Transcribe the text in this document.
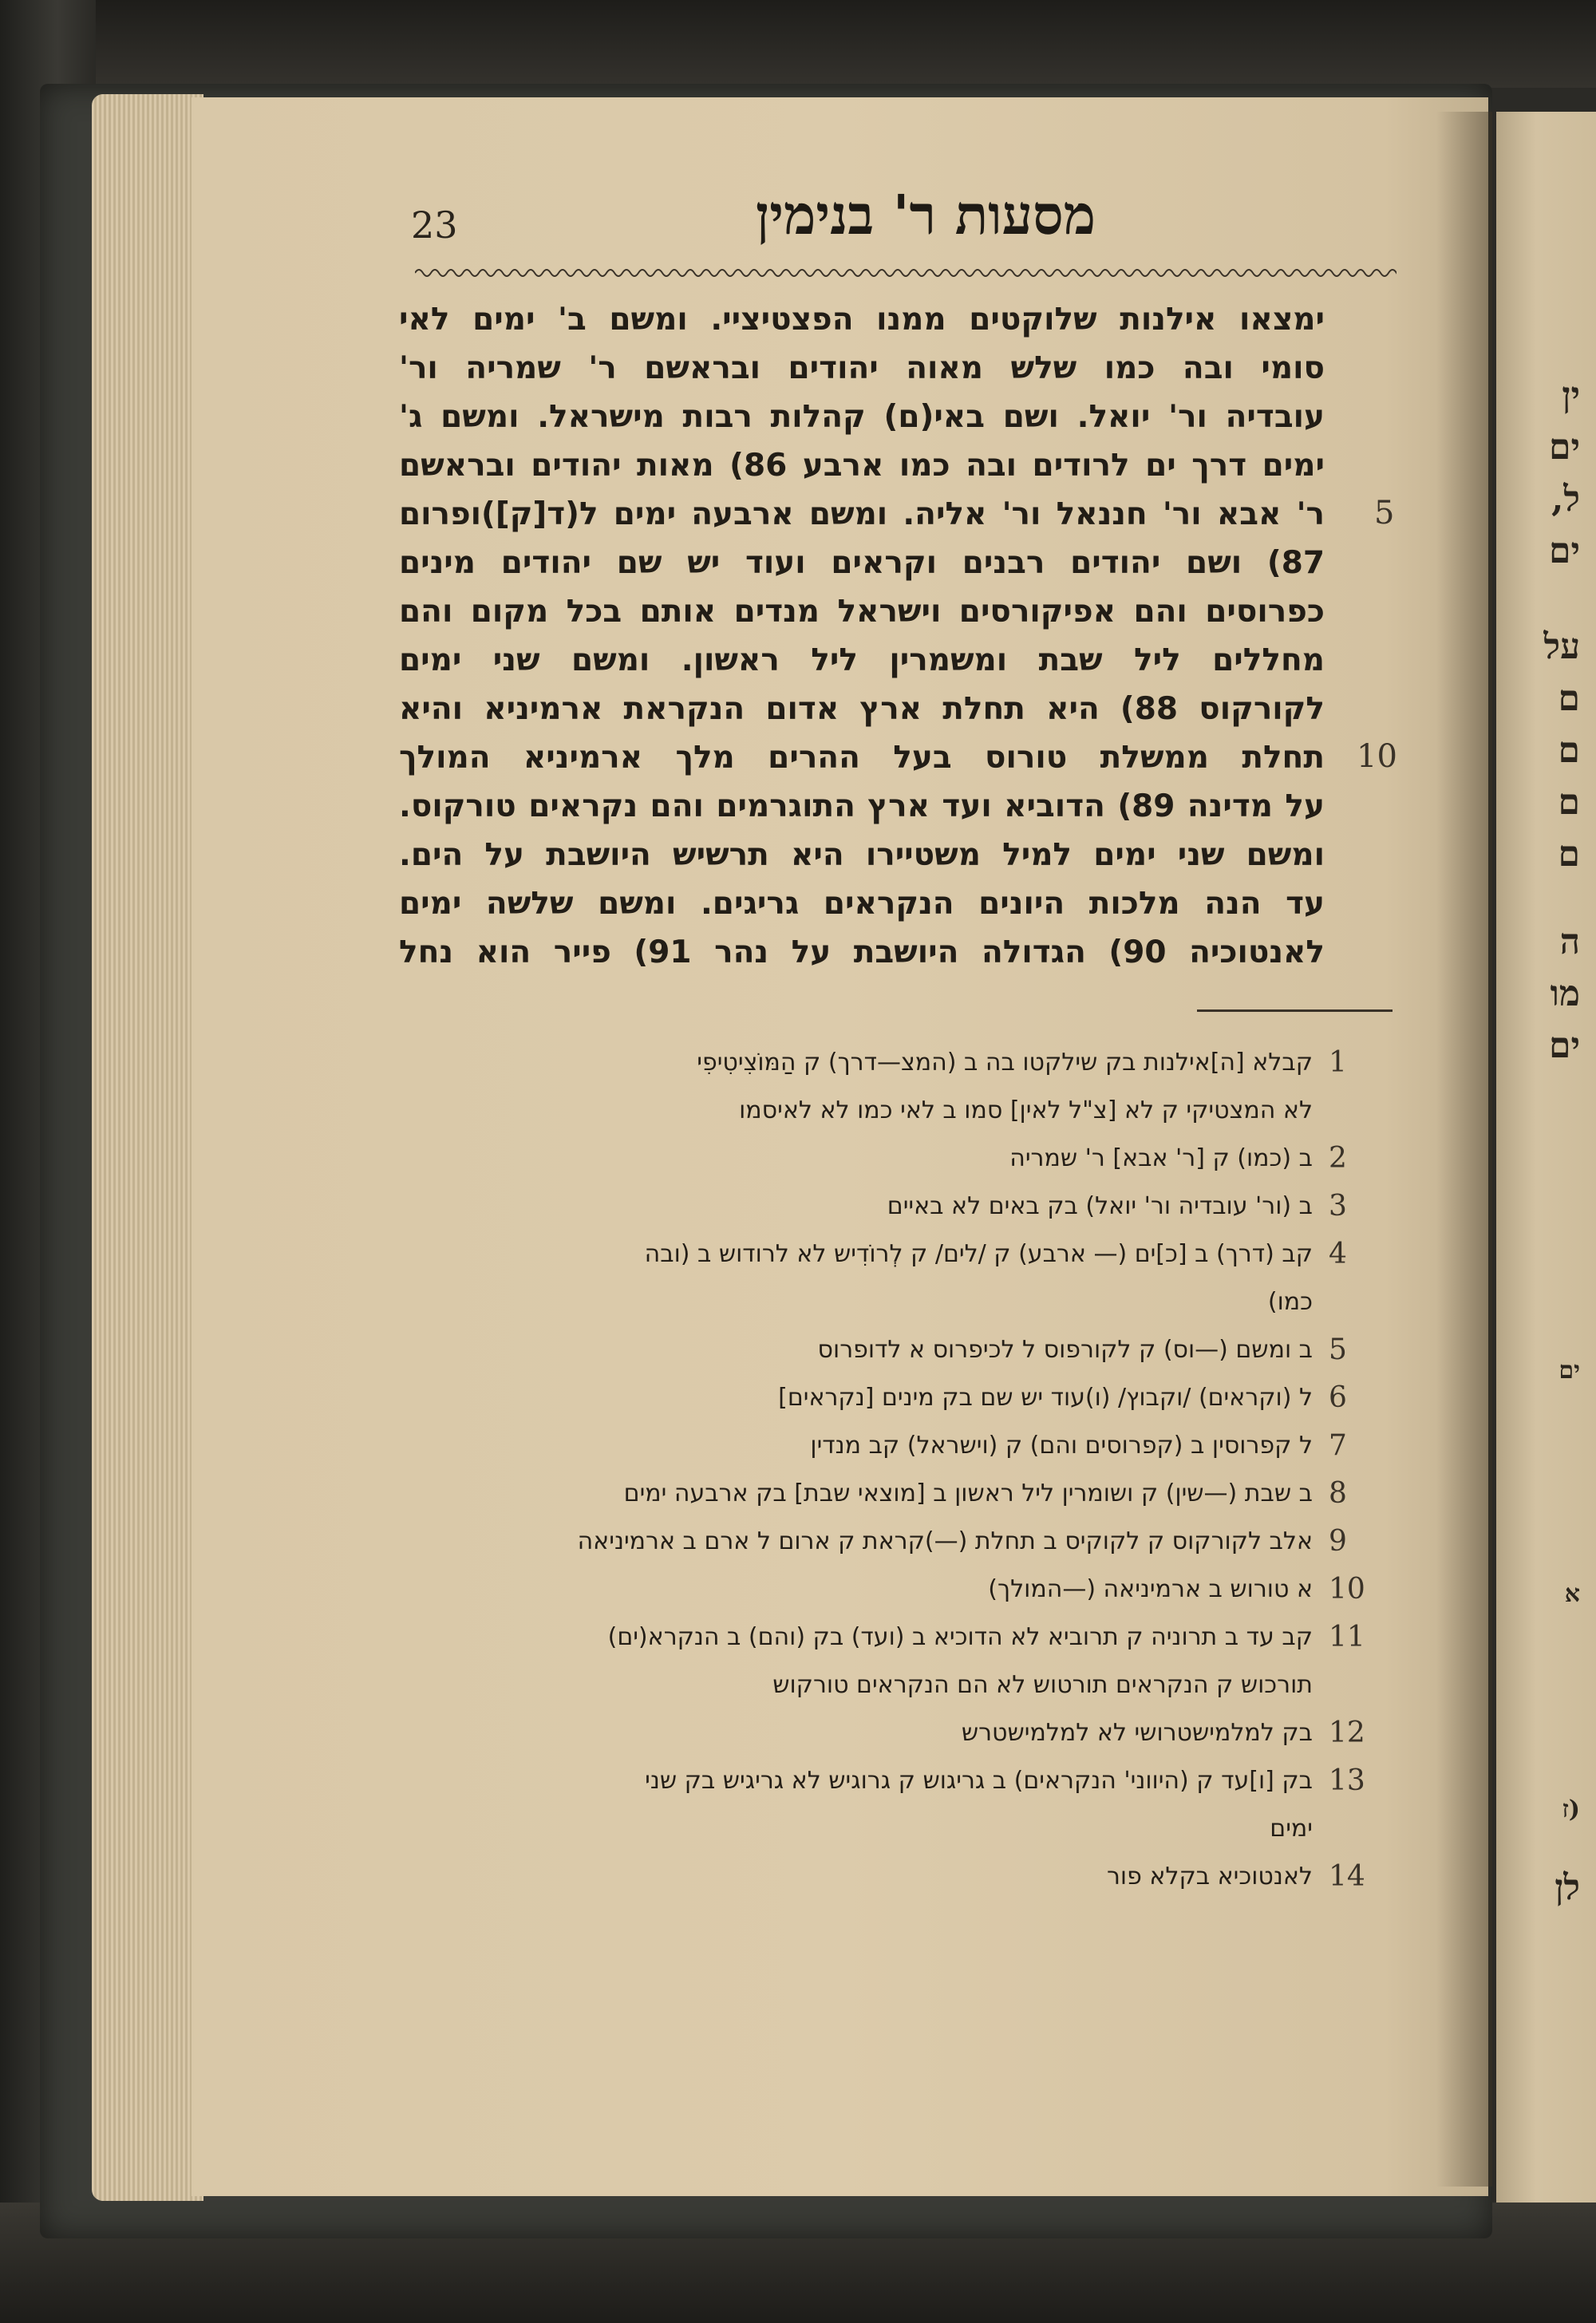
23	מסעות ר' בנימין
ימצאו אילנות שלוקטים ממנו הפצטיציי. ומשם ב' ימים לאי
סומי ובה כמו שלש מאוה יהודים ובראשם ר' שמריה ור'
עובדיה ור' יואל. ושם באי(ם) קהלות רבות מישראל. ומשם ג'
ימים דרך ים לרודים ובה כמו ארבע 86) מאות יהודים ובראשם
ר' אבא ור' חננאל ור' אליה. ומשם ארבעה ימים ל(ד[ק])ופרום
87) ושם יהודים רבנים וקראים ועוד יש שם יהודים מינים
כפרוסים והם אפיקורסים וישראל מנדים אותם בכל מקום והם
מחללים ליל שבת ומשמרין ליל ראשון. ומשם שני ימים
לקורקוס 88) היא תחלת ארץ אדום הנקראת ארמיניא והיא
תחלת ממשלת טורוס בעל ההרים מלך ארמיניא המולך
על מדינה 89) הדוביא ועד ארץ התוגרמים והם נקראים טורקוס.
ומשם שני ימים למיל משטיירו היא תרשיש היושבת על הים.
עד הנה מלכות היונים הנקראים גריגים. ומשם שלשה ימים
לאנטוכיה 90) הגדולה היושבת על נהר 91) פייר הוא נחל
5
10
1
קבלא [ה]אילנות בק שילקטו בה ב (המצ—דרך) ק הַמּוֹצִיטִיפִי
לא המצטיקי ק לא [צ"ל לאין] סמו ב לאי כמו לא לאיסמו
2
ב (כמו) ק [ר' אבא] ר' שמריה
3
ב (ור' עובדיה ור' יואל) בק באים לא באיים
4
קב (דרך) ב [כ]ים (— ארבע) ק /לים/ ק לְרוֹדִיש לא לרודוש ב (ובה
כמו)
5
ב ומשם (—וס) ק לקורפוס ל לכיפרוס א לדופרוס
6
ל (וקראים) /וקבוץ/ (ו)עוד יש שם בק מינים [נקראים]
7
ל קפרוסין ב (קפרוסים והם) ק (וישראל) קב מנדין
8
ב שבת (—שין) ק ושומרין ליל ראשון ב [מוצאי שבת] בק ארבעה ימים
9
אלב לקורקוס ק לקוקיס ב תחלת (—)קראת ק ארום ל ארם ב ארמיניאה
10
א טורוש ב ארמיניאה (—המולך)
11
קב עד ב תרוניה ק תרוביא לא הדוכיא ב (ועד) בק (והם) ב הנקרא(ים)
תורכוש ק הנקראים תורטוש לא הם הנקראים טורקוש
12
בק למלמישטרושי לא למלמישטרש
13
בק [ו]עד ק (היווני' הנקראים) ב גריגוש ק גרוגיש לא גריגיש בק שני
ימים
14
לאנטוכיא בקלא פור
ין
ים
ל,
ים
על
ם
ם
ם
ם
ה
מו
ים
ים
א
(ז
לן
